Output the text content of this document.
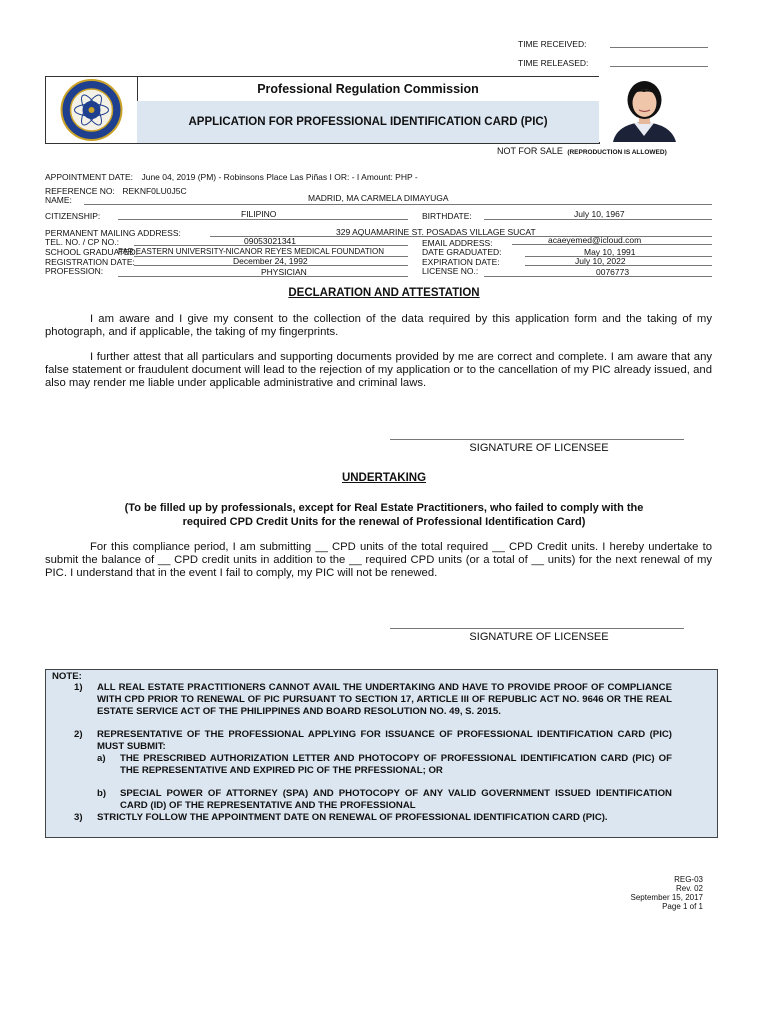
TIME RECEIVED:
TIME RELEASED:
Professional Regulation Commission
APPLICATION FOR PROFESSIONAL IDENTIFICATION CARD (PIC)
NOT FOR SALE (REPRODUCTION IS ALLOWED)
APPOINTMENT DATE: June 04, 2019 (PM) - Robinsons Place Las Piñas I OR: - I Amount: PHP -
REFERENCE NO: REKNF0LU0J5C
NAME:	MADRID, MA CARMELA DIMAYUGA
CITIZENSHIP:	FILIPINO	BIRTHDATE:	July 10, 1967
PERMANENT MAILING ADDRESS:	329 AQUAMARINE ST. POSADAS VILLAGE SUCAT
TEL. NO. / CP NO.:	09053021341	EMAIL ADDRESS:	acaeyemed@icloud.com
SCHOOL GRADUATED:
FAR EASTERN UNIVERSITY-NICANOR REYES MEDICAL FOUNDATION	DATE GRADUATED:	May 10, 1991
REGISTRATION DATE:	December 24, 1992	EXPIRATION DATE:	July 10, 2022
PROFESSION:	PHYSICIAN	LICENSE NO.:	0076773
DECLARATION AND ATTESTATION
I am aware and I give my consent to the collection of the data required by this application form and the taking of my photograph, and if applicable, the taking of my fingerprints.
I further attest that all particulars and supporting documents provided by me are correct and complete. I am aware that any false statement or fraudulent document will lead to the rejection of my application or to the cancellation of my PIC already issued, and also may render me liable under applicable administrative and criminal laws.
SIGNATURE OF LICENSEE
UNDERTAKING
(To be filled up by professionals, except for Real Estate Practitioners, who failed to comply with the
required CPD Credit Units for the renewal of Professional Identification Card)
For this compliance period, I am submitting __ CPD units of the total required __ CPD Credit units. I hereby undertake to submit the balance of __ CPD credit units in addition to the __ required CPD units (or a total of __ units) for the next renewal of my PIC. I understand that in the event I fail to comply, my PIC will not be renewed.
SIGNATURE OF LICENSEE
NOTE:
1) ALL REAL ESTATE PRACTITIONERS CANNOT AVAIL THE UNDERTAKING AND HAVE TO PROVIDE PROOF OF COMPLIANCE WITH CPD PRIOR TO RENEWAL OF PIC PURSUANT TO SECTION 17, ARTICLE III OF REPUBLIC ACT NO. 9646 OR THE REAL ESTATE SERVICE ACT OF THE PHILIPPINES AND BOARD RESOLUTION NO. 49, S. 2015.
2) REPRESENTATIVE OF THE PROFESSIONAL APPLYING FOR ISSUANCE OF PROFESSIONAL IDENTIFICATION CARD (PIC) MUST SUBMIT:
a) THE PRESCRIBED AUTHORIZATION LETTER AND PHOTOCOPY OF PROFESSIONAL IDENTIFICATION CARD (PIC) OF THE REPRESENTATIVE AND EXPIRED PIC OF THE PRFESSIONAL; OR
b) SPECIAL POWER OF ATTORNEY (SPA) AND PHOTOCOPY OF ANY VALID GOVERNMENT ISSUED IDENTIFICATION CARD (ID) OF THE REPRESENTATIVE AND THE PROFESSIONAL
3) STRICTLY FOLLOW THE APPOINTMENT DATE ON RENEWAL OF PROFESSIONAL IDENTIFICATION CARD (PIC).
REG-03
Rev. 02
September 15, 2017
Page 1 of 1
